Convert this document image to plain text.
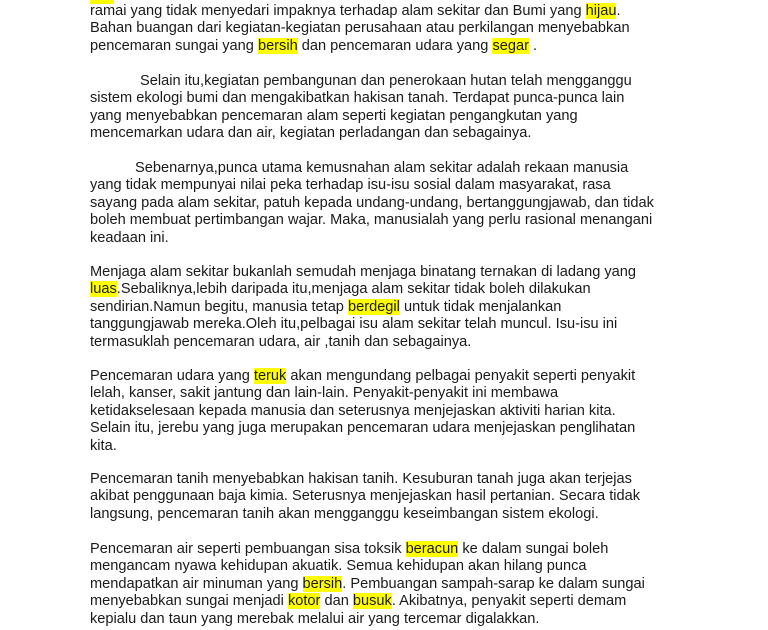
ramai yang tidak menyedari impaknya terhadap alam sekitar dan Bumi yang hijau.
Bahan buangan dari kegiatan-kegiatan perusahaan atau perkilangan menyebabkan
pencemaran sungai yang bersih dan pencemaran udara yang segar .

Selain itu,kegiatan pembangunan dan penerokaan hutan telah mengganggu
sistem ekologi bumi dan mengakibatkan hakisan tanah. Terdapat punca-punca lain
yang menyebabkan pencemaran alam seperti kegiatan pengangkutan yang
mencemarkan udara dan air, kegiatan perladangan dan sebagainya.

Sebenarnya,punca utama kemusnahan alam sekitar adalah rekaan manusia
yang tidak mempunyai nilai peka terhadap isu-isu sosial dalam masyarakat, rasa
sayang pada alam sekitar, patuh kepada undang-undang, bertanggungjawab, dan tidak
boleh membuat pertimbangan wajar. Maka, manusialah yang perlu rasional menangani
keadaan ini.

Menjaga alam sekitar bukanlah semudah menjaga binatang ternakan di ladang yang
luas.Sebaliknya,lebih daripada itu,menjaga alam sekitar tidak boleh dilakukan
sendirian.Namun begitu, manusia tetap berdegil untuk tidak menjalankan
tanggungjawab mereka.Oleh itu,pelbagai isu alam sekitar telah muncul. Isu-isu ini
termasuklah pencemaran udara, air ,tanih dan sebagainya.

Pencemaran udara yang teruk akan mengundang pelbagai penyakit seperti penyakit
lelah, kanser, sakit jantung dan lain-lain. Penyakit-penyakit ini membawa
ketidakselesaan kepada manusia dan seterusnya menjejaskan aktiviti harian kita.
Selain itu, jerebu yang juga merupakan pencemaran udara menjejaskan penglihatan
kita.

Pencemaran tanih menyebabkan hakisan tanih. Kesuburan tanah juga akan terjejas
akibat penggunaan baja kimia. Seterusnya menjejaskan hasil pertanian. Secara tidak
langsung, pencemaran tanih akan mengganggu keseimbangan sistem ekologi.

Pencemaran air seperti pembuangan sisa toksik beracun ke dalam sungai boleh
mengancam nyawa kehidupan akuatik. Semua kehidupan akan hilang punca
mendapatkan air minuman yang bersih. Pembuangan sampah-sarap ke dalam sungai
menyebabkan sungai menjadi kotor dan busuk. Akibatnya, penyakit seperti demam
kepialu dan taun yang merebak melalui air yang tercemar digalakkan.
